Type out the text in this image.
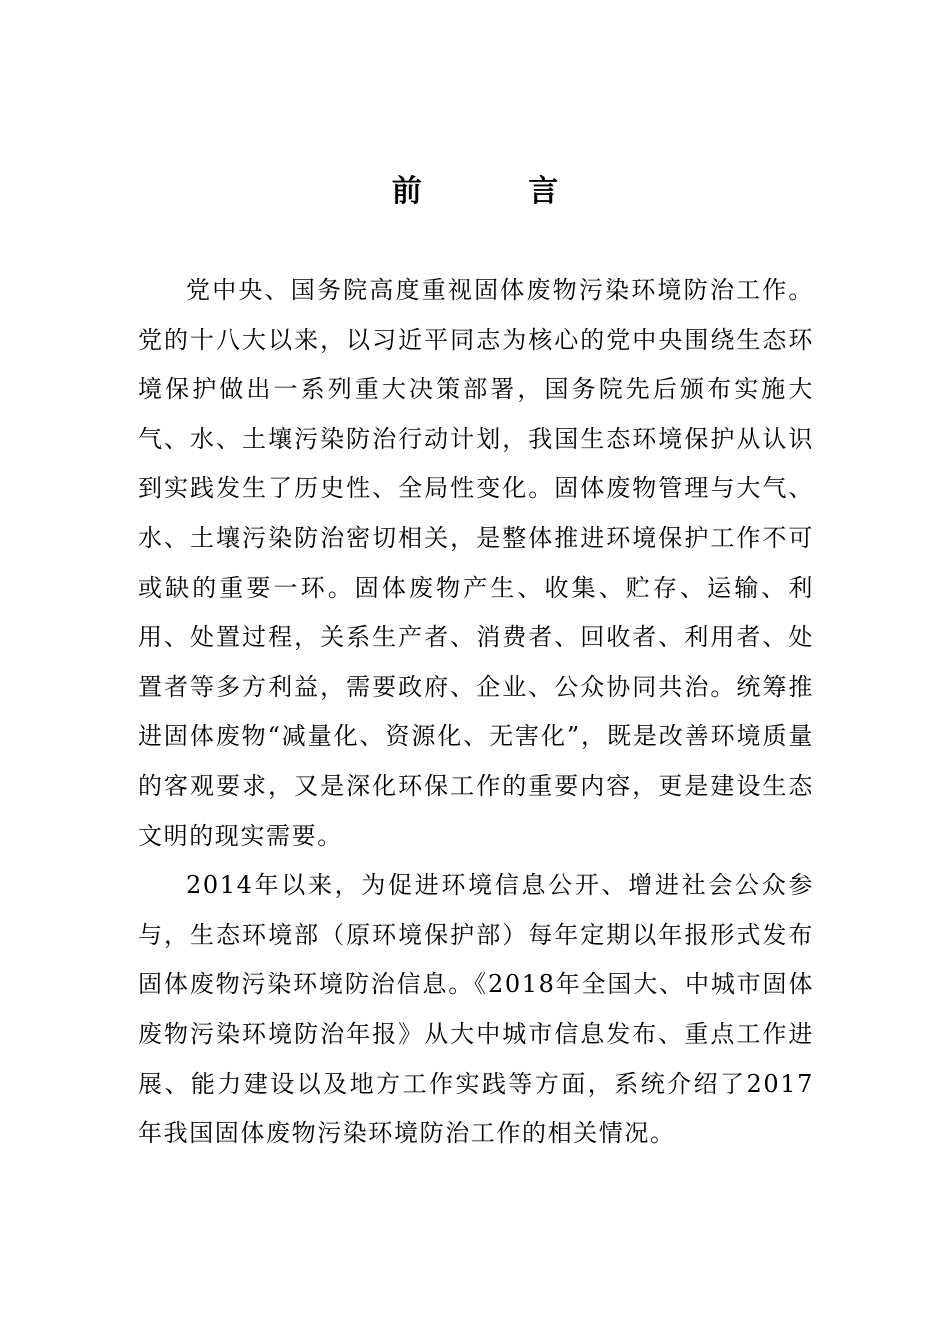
前 言

党中央、国务院高度重视固体废物污染环境防治工作。党的十八大以来，以习近平同志为核心的党中央围绕生态环境保护做出一系列重大决策部署，国务院先后颁布实施大气、水、土壤污染防治行动计划，我国生态环境保护从认识到实践发生了历史性、全局性变化。固体废物管理与大气、水、土壤污染防治密切相关，是整体推进环境保护工作不可或缺的重要一环。固体废物产生、收集、贮存、运输、利用、处置过程，关系生产者、消费者、回收者、利用者、处置者等多方利益，需要政府、企业、公众协同共治。统筹推进固体废物“减量化、资源化、无害化”，既是改善环境质量的客观要求，又是深化环保工作的重要内容，更是建设生态文明的现实需要。

2014年以来，为促进环境信息公开、增进社会公众参与，生态环境部（原环境保护部）每年定期以年报形式发布固体废物污染环境防治信息。《2018年全国大、中城市固体废物污染环境防治年报》从大中城市信息发布、重点工作进展、能力建设以及地方工作实践等方面，系统介绍了2017年我国固体废物污染环境防治工作的相关情况。
